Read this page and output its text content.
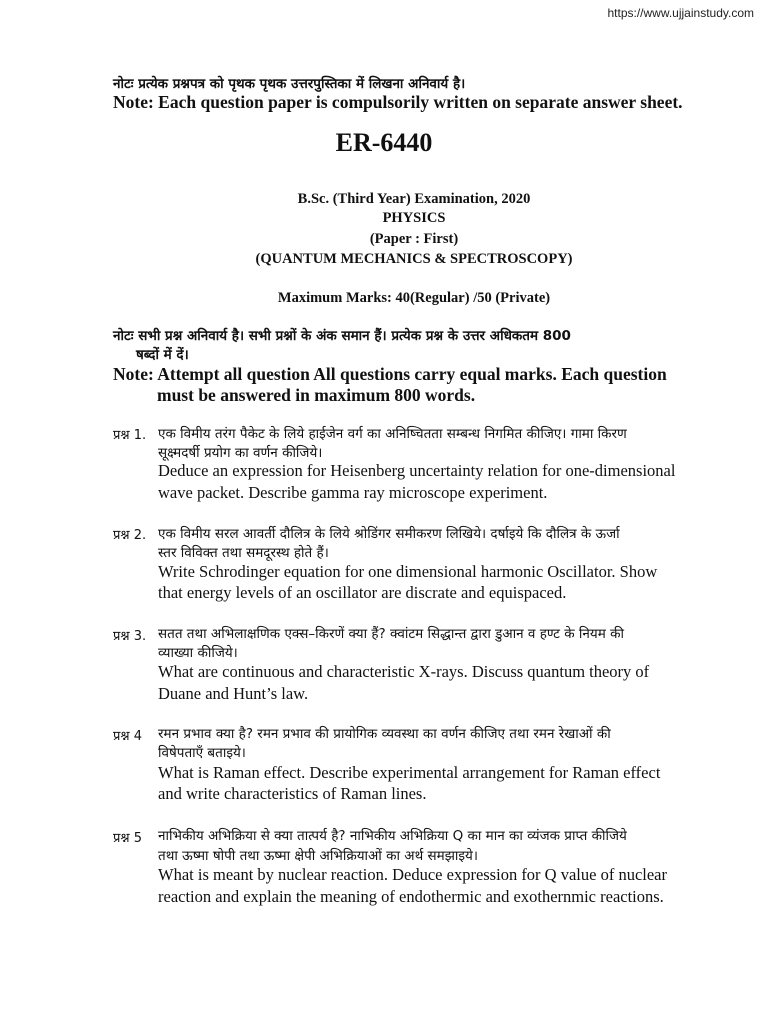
https://www.ujjainstudy.com
नोटः प्रत्येक प्रश्नपत्र को पृथक पृथक उत्तरपुस्तिका में लिखना अनिवार्य है।
Note: Each question paper is compulsorily written on separate answer sheet.
ER-6440
B.Sc. (Third Year) Examination, 2020
PHYSICS
(Paper : First)
(QUANTUM MECHANICS & SPECTROSCOPY)
Maximum Marks: 40(Regular) /50 (Private)
नोटः सभी प्रश्न अनिवार्य है। सभी प्रश्नों के अंक समान हैं। प्रत्येक प्रश्न के उत्तर अधिकतम 800
षब्दों में दें।
Note: Attempt all question All questions carry equal marks. Each question
must be answered in maximum 800 words.
प्रश्न 1. एक विमीय तरंग पैकेट के लिये हाईजेन वर्ग का अनिष्चितता सम्बन्ध निगमित कीजिए। गामा किरण
सूक्ष्मदर्षी प्रयोग का वर्णन कीजिये।
Deduce an expression for Heisenberg uncertainty relation for one-dimensional
wave packet. Describe gamma ray microscope experiment.
प्रश्न 2. एक विमीय सरल आवर्ती दौलित्र के लिये श्रोडिंगर समीकरण लिखिये। दर्षाइये कि दौलित्र के ऊर्जा
स्तर विविक्त तथा समदूरस्थ होते हैं।
Write Schrodinger equation for one dimensional harmonic Oscillator. Show
that energy levels of an oscillator are discrate and equispaced.
प्रश्न 3. सतत तथा अभिलाक्षणिक एक्स–किरणें क्या हैं? क्वांटम सिद्धान्त द्वारा डुआन व हण्ट के नियम की
व्याख्या कीजिये।
What are continuous and characteristic X-rays. Discuss quantum theory of
Duane and Hunt’s law.
प्रश्न 4 रमन प्रभाव क्या है? रमन प्रभाव की प्रायोगिक व्यवस्था का वर्णन कीजिए तथा रमन रेखाओं की
विषेपताएँ बताइये।
What is Raman effect. Describe experimental arrangement for Raman effect
and write characteristics of Raman lines.
प्रश्न 5 नाभिकीय अभिक्रिया से क्या तात्पर्य है? नाभिकीय अभिक्रिया Q का मान का व्यंजक प्राप्त कीजिये
तथा ऊष्मा षोपी तथा ऊष्मा क्षेपी अभिक्रियाओं का अर्थ समझाइये।
What is meant by nuclear reaction. Deduce expression for Q value of nuclear
reaction and explain the meaning of endothermic and exothernmic reactions.
